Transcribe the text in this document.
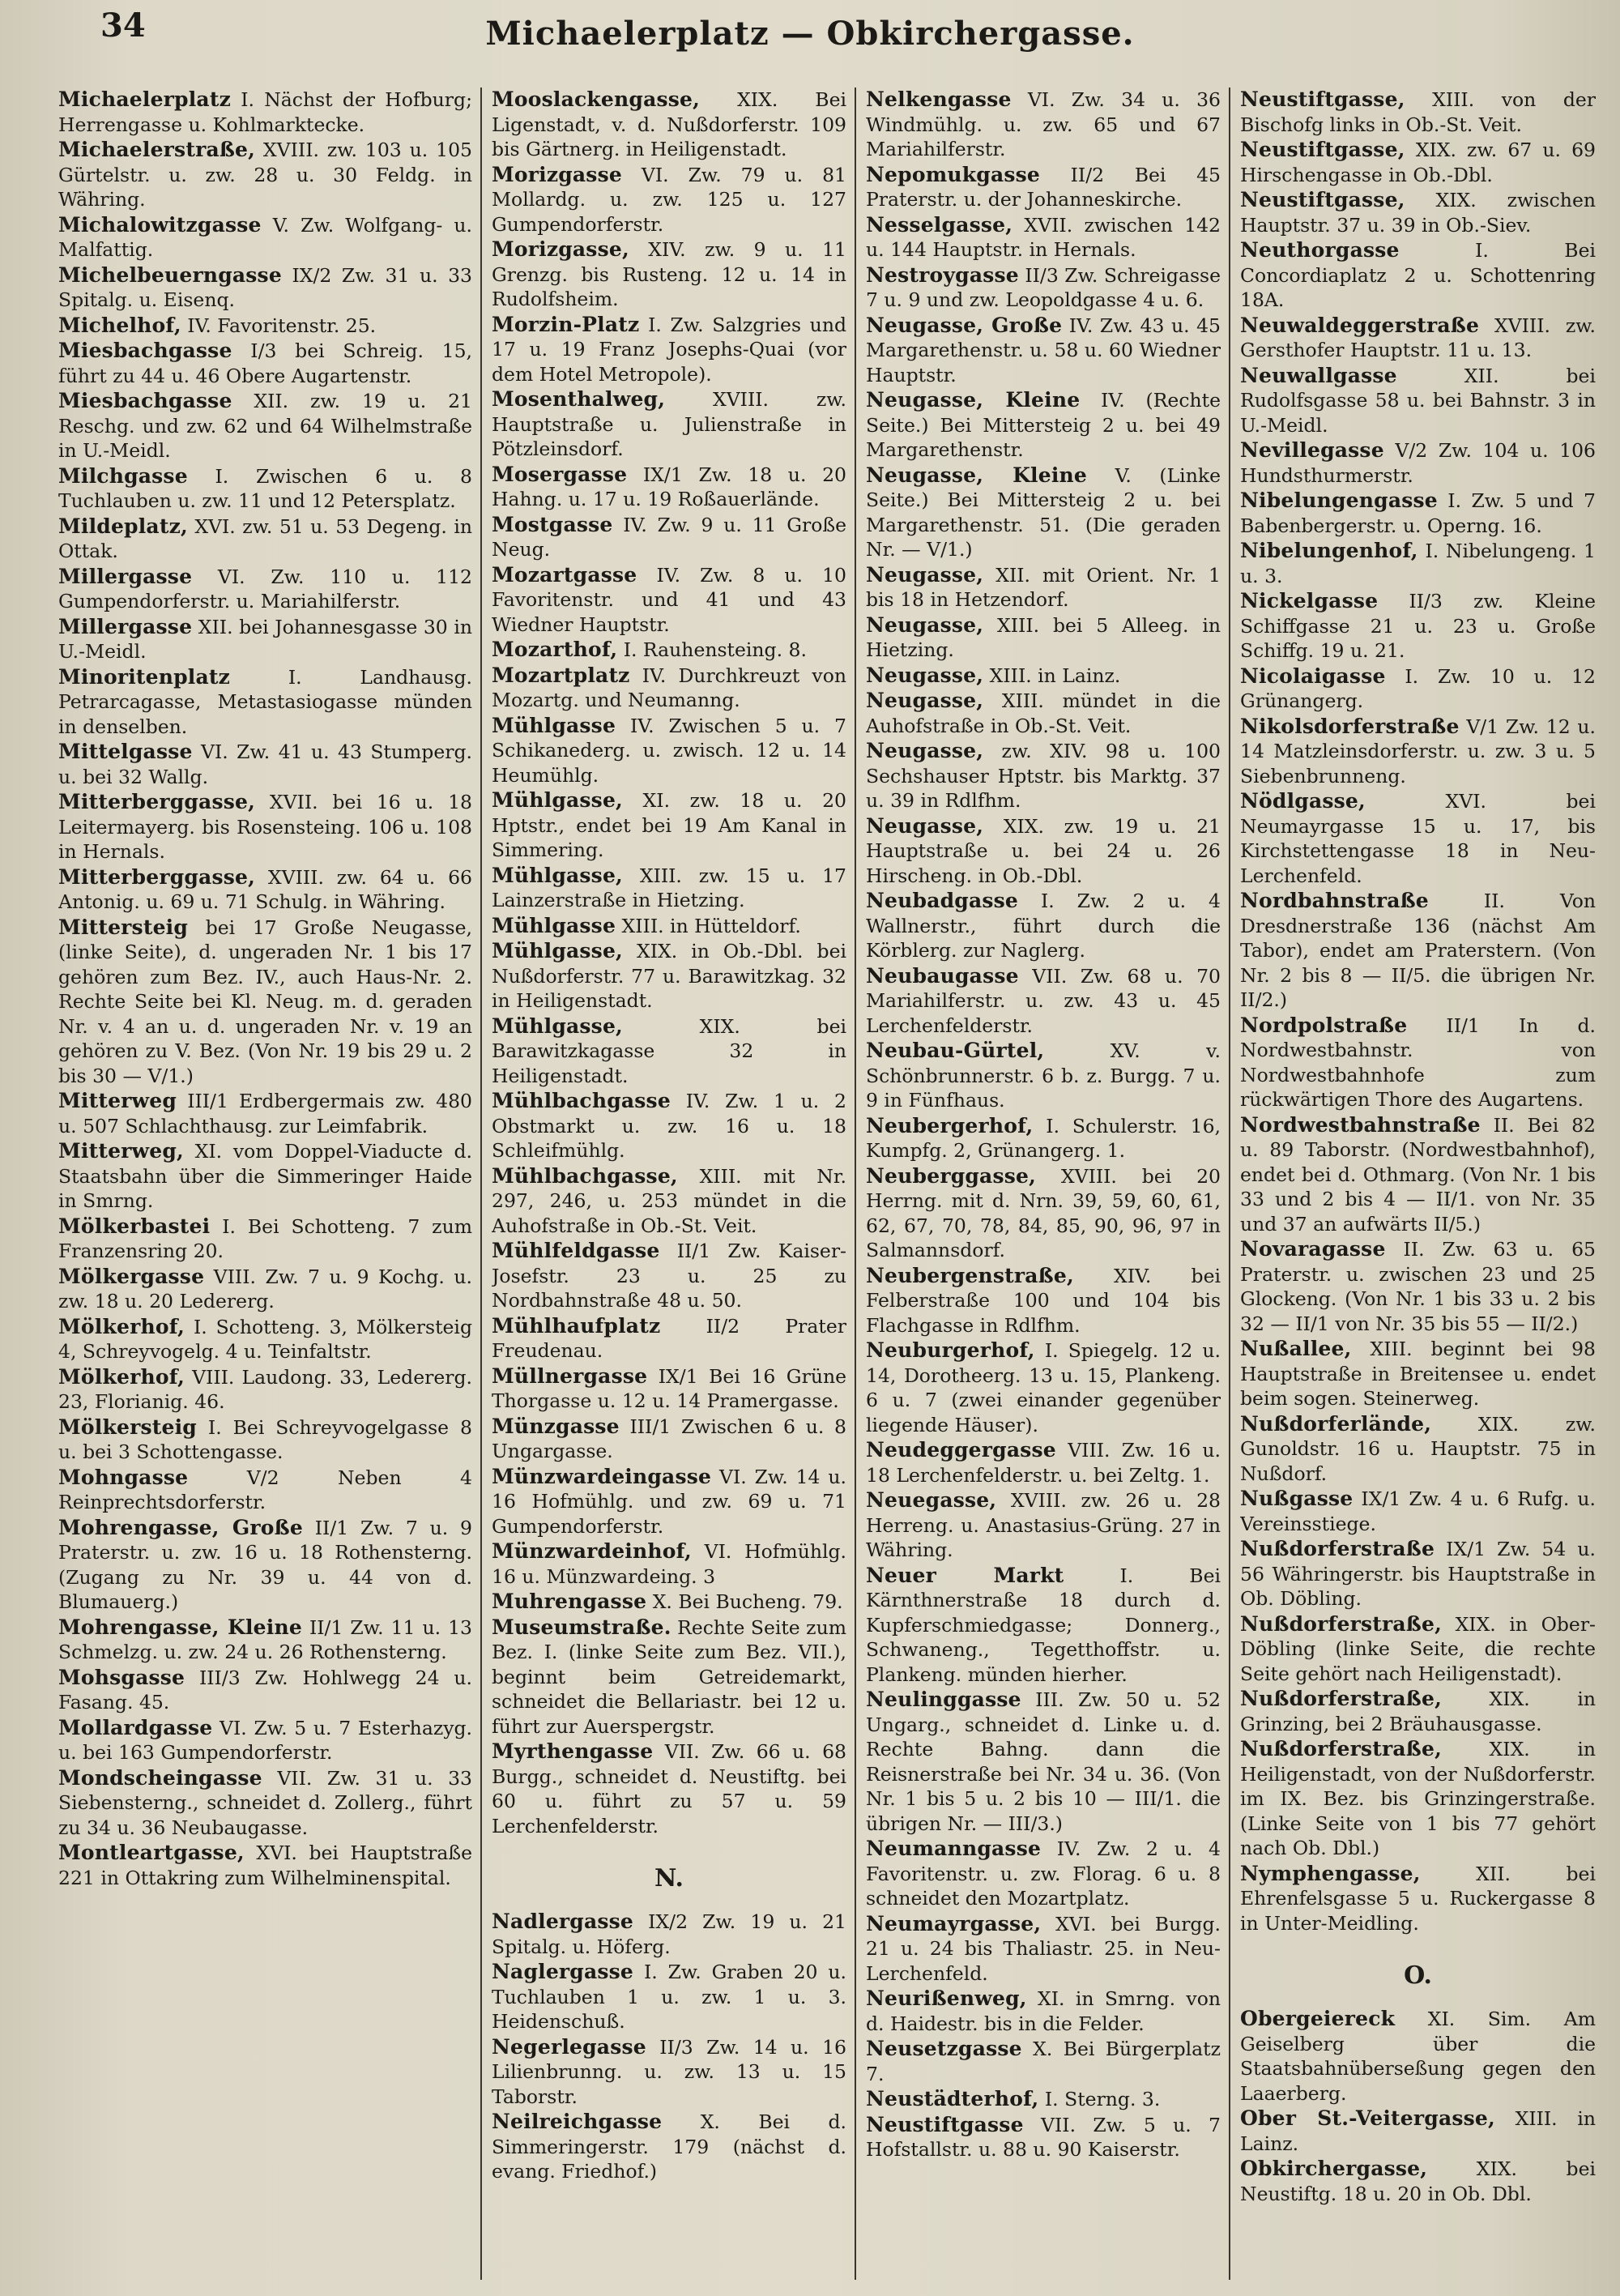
34	Michaelerplatz — Obkirchergasse.

Michaelerplatz I. Nächst der Hofburg; Herrengasse u. Kohlmarktecke.

Michaelerstraße, XVIII. zw. 103 u. 105 Gürtelstr. u. zw. 28 u. 30 Feldg. in Währing.

Michalowitzgasse V. Zw. Wolfgang- u. Malfattig.

Michelbeuerngasse IX/2 Zw. 31 u. 33 Spitalg. u. Eisenq.

Michelhof, IV. Favoritenstr. 25.

Miesbachgasse I/3 bei Schreig. 15, führt zu 44 u. 46 Obere Augartenstr.

Miesbachgasse XII. zw. 19 u. 21 Reschg. und zw. 62 und 64 Wilhelmstraße in U.-Meidl.

Milchgasse I. Zwischen 6 u. 8 Tuchlauben u. zw. 11 und 12 Petersplatz.

Mildeplatz, XVI. zw. 51 u. 53 Degeng. in Ottak.

Millergasse VI. Zw. 110 u. 112 Gumpendorferstr. u. Mariahilferstr.

Millergasse XII. bei Johannesgasse 30 in U.-Meidl.

Minoritenplatz I. Landhausg. Petrarcagasse, Metastasiogasse münden in denselben.

Mittelgasse VI. Zw. 41 u. 43 Stumperg. u. bei 32 Wallg.

Mitterberggasse, XVII. bei 16 u. 18 Leitermayerg. bis Rosensteing. 106 u. 108 in Hernals.

Mitterberggasse, XVIII. zw. 64 u. 66 Antonig. u. 69 u. 71 Schulg. in Währing.

Mittersteig bei 17 Große Neugasse, (linke Seite), d. ungeraden Nr. 1 bis 17 gehören zum Bez. IV., auch Haus-Nr. 2. Rechte Seite bei Kl. Neug. m. d. geraden Nr. v. 4 an u. d. ungeraden Nr. v. 19 an gehören zu V. Bez. (Von Nr. 19 bis 29 u. 2 bis 30 — V/1.)

Mitterweg III/1 Erdbergermais zw. 480 u. 507 Schlachthausg. zur Leimfabrik.

Mitterweg, XI. vom Doppel-Viaducte d. Staatsbahn über die Simmeringer Haide in Smrng.

Mölkerbastei I. Bei Schotteng. 7 zum Franzensring 20.

Mölkergasse VIII. Zw. 7 u. 9 Kochg. u. zw. 18 u. 20 Ledererg.

Mölkerhof, I. Schotteng. 3, Mölkersteig 4, Schreyvogelg. 4 u. Teinfaltstr.

Mölkerhof, VIII. Laudong. 33, Ledererg. 23, Florianig. 46.

Mölkersteig I. Bei Schreyvogelgasse 8 u. bei 3 Schottengasse.

Mohngasse V/2 Neben 4 Reinprechtsdorferstr.

Mohrengasse, Große II/1 Zw. 7 u. 9 Praterstr. u. zw. 16 u. 18 Rothensterng. (Zugang zu Nr. 39 u. 44 von d. Blumauerg.)

Mohrengasse, Kleine II/1 Zw. 11 u. 13 Schmelzg. u. zw. 24 u. 26 Rothensterng.

Mohsgasse III/3 Zw. Hohlwegg 24 u. Fasang. 45.

Mollardgasse VI. Zw. 5 u. 7 Esterhazyg. u. bei 163 Gumpendorferstr.

Mondscheingasse VII. Zw. 31 u. 33 Siebensterng., schneidet d. Zollerg., führt zu 34 u. 36 Neubaugasse.

Montleartgasse, XVI. bei Hauptstraße 221 in Ottakring zum Wilhelminenspital.

Mooslackengasse, XIX. Bei Ligenstadt, v. d. Nußdorferstr. 109 bis Gärtnerg. in Heiligenstadt.

Morizgasse VI. Zw. 79 u. 81 Mollardg. u. zw. 125 u. 127 Gumpendorferstr.

Morizgasse, XIV. zw. 9 u. 11 Grenzg. bis Rusteng. 12 u. 14 in Rudolfsheim.

Morzin-Platz I. Zw. Salzgries und 17 u. 19 Franz Josephs-Quai (vor dem Hotel Metropole).

Mosenthalweg, XVIII. zw. Hauptstraße u. Julienstraße in Pötzleinsdorf.

Mosergasse IX/1 Zw. 18 u. 20 Hahng. u. 17 u. 19 Roßauerlände.

Mostgasse IV. Zw. 9 u. 11 Große Neug.

Mozartgasse IV. Zw. 8 u. 10 Favoritenstr. und 41 und 43 Wiedner Hauptstr.

Mozarthof, I. Rauhensteing. 8.

Mozartplatz IV. Durchkreuzt von Mozartg. und Neumanng.

Mühlgasse IV. Zwischen 5 u. 7 Schikanederg. u. zwisch. 12 u. 14 Heumühlg.

Mühlgasse, XI. zw. 18 u. 20 Hptstr., endet bei 19 Am Kanal in Simmering.

Mühlgasse, XIII. zw. 15 u. 17 Lainzerstraße in Hietzing.

Mühlgasse XIII. in Hütteldorf.

Mühlgasse, XIX. in Ob.-Dbl. bei Nußdorferstr. 77 u. Barawitzkag. 32 in Heiligenstadt.

Mühlgasse, XIX. bei Barawitzkagasse 32 in Heiligenstadt.

Mühlbachgasse IV. Zw. 1 u. 2 Obstmarkt u. zw. 16 u. 18 Schleifmühlg.

Mühlbachgasse, XIII. mit Nr. 297, 246, u. 253 mündet in die Auhofstraße in Ob.-St. Veit.

Mühlfeldgasse II/1 Zw. Kaiser-Josefstr. 23 u. 25 zu Nordbahnstraße 48 u. 50.

Mühlhaufplatz II/2 Prater Freudenau.

Müllnergasse IX/1 Bei 16 Grüne Thorgasse u. 12 u. 14 Pramergasse.

Münzgasse III/1 Zwischen 6 u. 8 Ungargasse.

Münzwardeingasse VI. Zw. 14 u. 16 Hofmühlg. und zw. 69 u. 71 Gumpendorferstr.

Münzwardeinhof, VI. Hofmühlg. 16 u. Münzwardeing. 3

Muhrengasse X. Bei Bucheng. 79.

Museumstraße. Rechte Seite zum Bez. I. (linke Seite zum Bez. VII.), beginnt beim Getreidemarkt, schneidet die Bellariastr. bei 12 u. führt zur Auerspergstr.

Myrthengasse VII. Zw. 66 u. 68 Burgg., schneidet d. Neustiftg. bei 60 u. führt zu 57 u. 59 Lerchenfelderstr.

N.

Nadlergasse IX/2 Zw. 19 u. 21 Spitalg. u. Höferg.

Naglergasse I. Zw. Graben 20 u. Tuchlauben 1 u. zw. 1 u. 3. Heidenschuß.

Negerlegasse II/3 Zw. 14 u. 16 Lilienbrunng. u. zw. 13 u. 15 Taborstr.

Neilreichgasse X. Bei d. Simmeringerstr. 179 (nächst d. evang. Friedhof.)

Nelkengasse VI. Zw. 34 u. 36 Windmühlg. u. zw. 65 und 67 Mariahilferstr.

Nepomukgasse II/2 Bei 45 Praterstr. u. der Johanneskirche.

Nesselgasse, XVII. zwischen 142 u. 144 Hauptstr. in Hernals.

Nestroygasse II/3 Zw. Schreigasse 7 u. 9 und zw. Leopoldgasse 4 u. 6.

Neugasse, Große IV. Zw. 43 u. 45 Margarethenstr. u. 58 u. 60 Wiedner Hauptstr.

Neugasse, Kleine IV. (Rechte Seite.) Bei Mittersteig 2 u. bei 49 Margarethenstr.

Neugasse, Kleine V. (Linke Seite.) Bei Mittersteig 2 u. bei Margarethenstr. 51. (Die geraden Nr. — V/1.)

Neugasse, XII. mit Orient. Nr. 1 bis 18 in Hetzendorf.

Neugasse, XIII. bei 5 Alleeg. in Hietzing.

Neugasse, XIII. in Lainz.

Neugasse, XIII. mündet in die Auhofstraße in Ob.-St. Veit.

Neugasse, zw. XIV. 98 u. 100 Sechshauser Hptstr. bis Marktg. 37 u. 39 in Rdlfhm.

Neugasse, XIX. zw. 19 u. 21 Hauptstraße u. bei 24 u. 26 Hirscheng. in Ob.-Dbl.

Neubadgasse I. Zw. 2 u. 4 Wallnerstr., führt durch die Körblerg. zur Naglerg.

Neubaugasse VII. Zw. 68 u. 70 Mariahilferstr. u. zw. 43 u. 45 Lerchenfelderstr.

Neubau-Gürtel, XV. v. Schönbrunnerstr. 6 b. z. Burgg. 7 u. 9 in Fünfhaus.

Neubergerhof, I. Schulerstr. 16, Kumpfg. 2, Grünangerg. 1.

Neuberggasse, XVIII. bei 20 Herrng. mit d. Nrn. 39, 59, 60, 61, 62, 67, 70, 78, 84, 85, 90, 96, 97 in Salmannsdorf.

Neubergenstraße, XIV. bei Felberstraße 100 und 104 bis Flachgasse in Rdlfhm.

Neuburgerhof, I. Spiegelg. 12 u. 14, Dorotheerg. 13 u. 15, Plankeng. 6 u. 7 (zwei einander gegenüber liegende Häuser).

Neudeggergasse VIII. Zw. 16 u. 18 Lerchenfelderstr. u. bei Zeltg. 1.

Neuegasse, XVIII. zw. 26 u. 28 Herreng. u. Anastasius-Grüng. 27 in Währing.

Neuer Markt I. Bei Kärnthnerstraße 18 durch d. Kupferschmiedgasse; Donnerg., Schwaneng., Tegetthoffstr. u. Plankeng. münden hierher.

Neulinggasse III. Zw. 50 u. 52 Ungarg., schneidet d. Linke u. d. Rechte Bahng. dann die Reisnerstraße bei Nr. 34 u. 36. (Von Nr. 1 bis 5 u. 2 bis 10 — III/1. die übrigen Nr. — III/3.)

Neumanngasse IV. Zw. 2 u. 4 Favoritenstr. u. zw. Florag. 6 u. 8 schneidet den Mozartplatz.

Neumayrgasse, XVI. bei Burgg. 21 u. 24 bis Thaliastr. 25. in Neu-Lerchenfeld.

Neurißenweg, XI. in Smrng. von d. Haidestr. bis in die Felder.

Neusetzgasse X. Bei Bürgerplatz 7.

Neustädterhof, I. Sterng. 3.

Neustiftgasse VII. Zw. 5 u. 7 Hofstallstr. u. 88 u. 90 Kaiserstr.

Neustiftgasse, XIII. von der Bischofg links in Ob.-St. Veit.

Neustiftgasse, XIX. zw. 67 u. 69 Hirschengasse in Ob.-Dbl.

Neustiftgasse, XIX. zwischen Hauptstr. 37 u. 39 in Ob.-Siev.

Neuthorgasse I. Bei Concordiaplatz 2 u. Schottenring 18A.

Neuwaldeggerstraße XVIII. zw. Gersthofer Hauptstr. 11 u. 13.

Neuwallgasse XII. bei Rudolfsgasse 58 u. bei Bahnstr. 3 in U.-Meidl.

Nevillegasse V/2 Zw. 104 u. 106 Hundsthurmerstr.

Nibelungengasse I. Zw. 5 und 7 Babenbergerstr. u. Operng. 16.

Nibelungenhof, I. Nibelungeng. 1 u. 3.

Nickelgasse II/3 zw. Kleine Schiffgasse 21 u. 23 u. Große Schiffg. 19 u. 21.

Nicolaigasse I. Zw. 10 u. 12 Grünangerg.

Nikolsdorferstraße V/1 Zw. 12 u. 14 Matzleinsdorferstr. u. zw. 3 u. 5 Siebenbrunneng.

Nödlgasse, XVI. bei Neumayrgasse 15 u. 17, bis Kirchstettengasse 18 in Neu-Lerchenfeld.

Nordbahnstraße II. Von Dresdnerstraße 136 (nächst Am Tabor), endet am Praterstern. (Von Nr. 2 bis 8 — II/5. die übrigen Nr. II/2.)

Nordpolstraße II/1 In d. Nordwestbahnstr. von Nordwestbahnhofe zum rückwärtigen Thore des Augartens.

Nordwestbahnstraße II. Bei 82 u. 89 Taborstr. (Nordwestbahnhof), endet bei d. Othmarg. (Von Nr. 1 bis 33 und 2 bis 4 — II/1. von Nr. 35 und 37 an aufwärts II/5.)

Novaragasse II. Zw. 63 u. 65 Praterstr. u. zwischen 23 und 25 Glockeng. (Von Nr. 1 bis 33 u. 2 bis 32 — II/1 von Nr. 35 bis 55 — II/2.)

Nußallee, XIII. beginnt bei 98 Hauptstraße in Breitensee u. endet beim sogen. Steinerweg.

Nußdorferlände, XIX. zw. Gunoldstr. 16 u. Hauptstr. 75 in Nußdorf.

Nußgasse IX/1 Zw. 4 u. 6 Rufg. u. Vereinsstiege.

Nußdorferstraße IX/1 Zw. 54 u. 56 Währingerstr. bis Hauptstraße in Ob. Döbling.

Nußdorferstraße, XIX. in Ober-Döbling (linke Seite, die rechte Seite gehört nach Heiligenstadt).

Nußdorferstraße, XIX. in Grinzing, bei 2 Bräuhausgasse.

Nußdorferstraße, XIX. in Heiligenstadt, von der Nußdorferstr. im IX. Bez. bis Grinzingerstraße. (Linke Seite von 1 bis 77 gehört nach Ob. Dbl.)

Nymphengasse, XII. bei Ehrenfelsgasse 5 u. Ruckergasse 8 in Unter-Meidling.

O.

Obergeiereck XI. Sim. Am Geiselberg über die Staatsbahnüberseßung gegen den Laaerberg.

Ober St.-Veitergasse, XIII. in Lainz.

Obkirchergasse, XIX. bei Neustiftg. 18 u. 20 in Ob. Dbl.
